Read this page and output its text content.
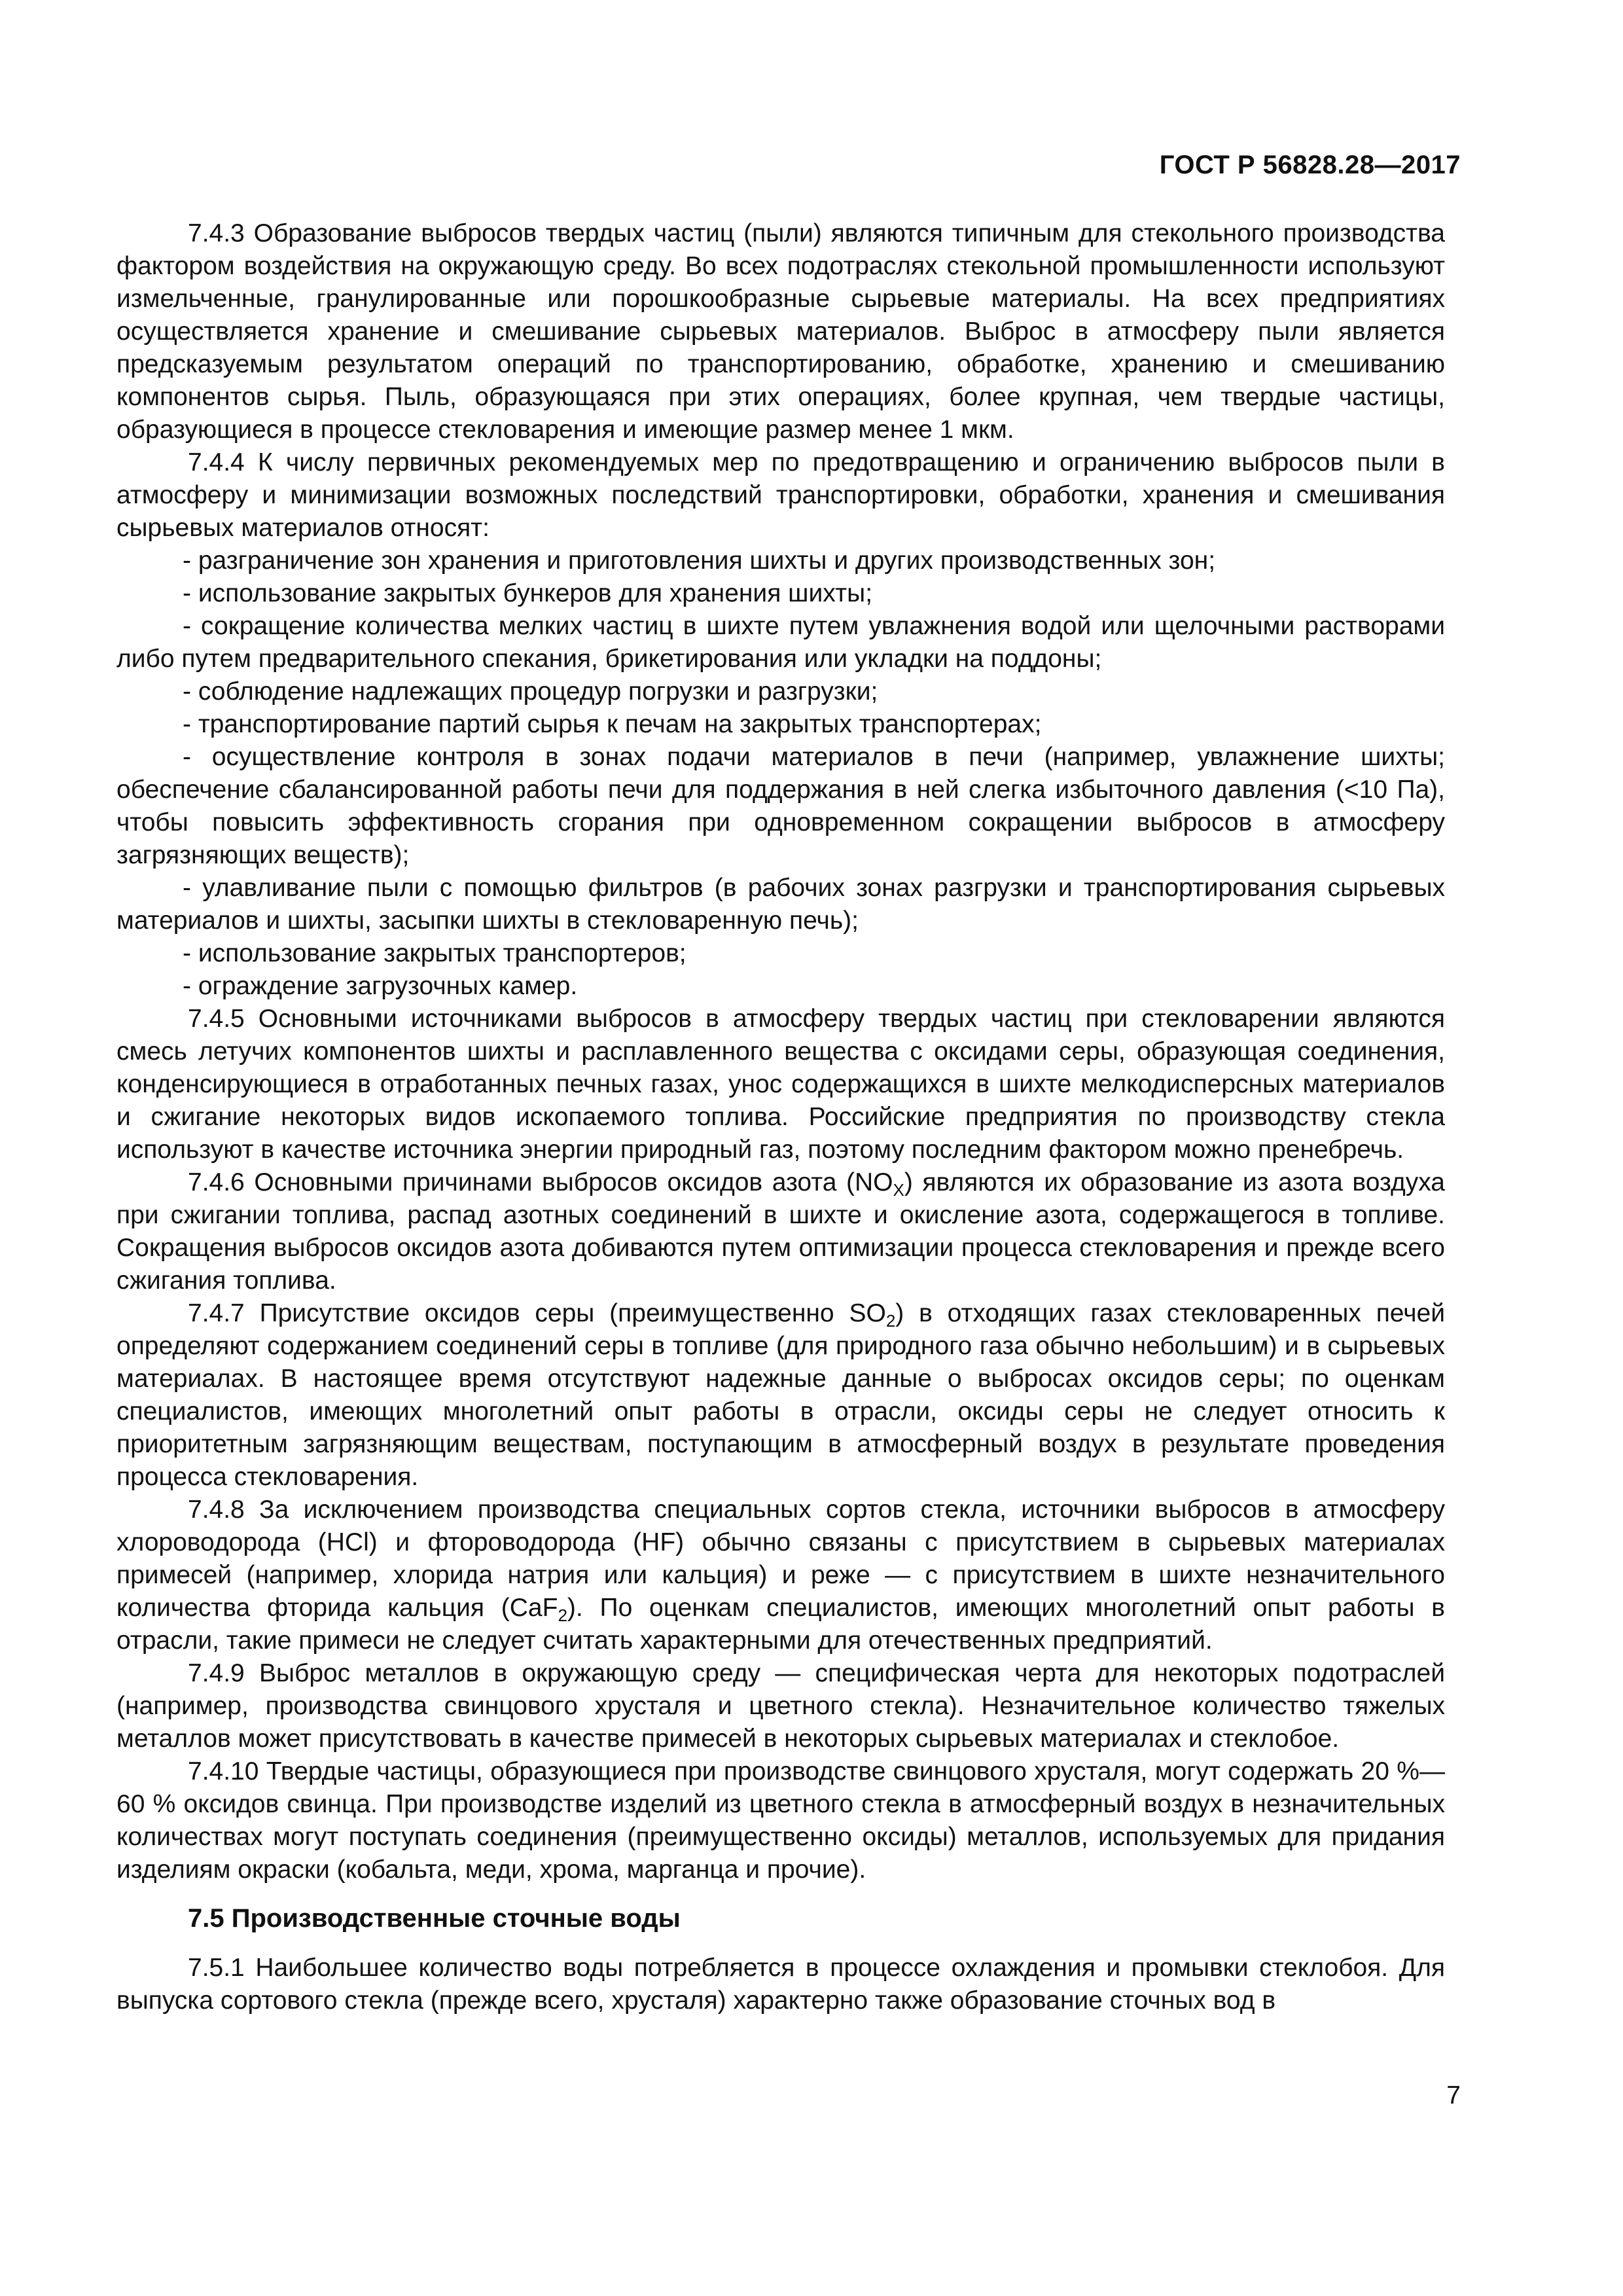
ГОСТ Р 56828.28—2017

7.4.3 Образование выбросов твердых частиц (пыли) являются типичным для стекольного производства фактором воздействия на окружающую среду. Во всех подотраслях стекольной промышленности используют измельченные, гранулированные или порошкообразные сырьевые материалы. На всех предприятиях осуществляется хранение и смешивание сырьевых материалов. Выброс в атмосферу пыли является предсказуемым результатом операций по транспортированию, обработке, хранению и смешиванию компонентов сырья. Пыль, образующаяся при этих операциях, более крупная, чем твердые частицы, образующиеся в процессе стекловарения и имеющие размер менее 1 мкм.

7.4.4 К числу первичных рекомендуемых мер по предотвращению и ограничению выбросов пыли в атмосферу и минимизации возможных последствий транспортировки, обработки, хранения и смешивания сырьевых материалов относят:

- разграничение зон хранения и приготовления шихты и других производственных зон;

- использование закрытых бункеров для хранения шихты;

- сокращение количества мелких частиц в шихте путем увлажнения водой или щелочными растворами либо путем предварительного спекания, брикетирования или укладки на поддоны;

- соблюдение надлежащих процедур погрузки и разгрузки;

- транспортирование партий сырья к печам на закрытых транспортерах;

- осуществление контроля в зонах подачи материалов в печи (например, увлажнение шихты; обеспечение сбалансированной работы печи для поддержания в ней слегка избыточного давления (<10 Па), чтобы повысить эффективность сгорания при одновременном сокращении выбросов в атмосферу загрязняющих веществ);

- улавливание пыли с помощью фильтров (в рабочих зонах разгрузки и транспортирования сырьевых материалов и шихты, засыпки шихты в стекловаренную печь);

- использование закрытых транспортеров;

- ограждение загрузочных камер.

7.4.5 Основными источниками выбросов в атмосферу твердых частиц при стекловарении являются смесь летучих компонентов шихты и расплавленного вещества с оксидами серы, образующая соединения, конденсирующиеся в отработанных печных газах, унос содержащихся в шихте мелкодисперсных материалов и сжигание некоторых видов ископаемого топлива. Российские предприятия по производству стекла используют в качестве источника энергии природный газ, поэтому последним фактором можно пренебречь.

7.4.6 Основными причинами выбросов оксидов азота $(NO_X)$ являются их образование из азота воздуха при сжигании топлива, распад азотных соединений в шихте и окисление азота, содержащегося в топливе. Сокращения выбросов оксидов азота добиваются путем оптимизации процесса стекловарения и прежде всего сжигания топлива.

7.4.7 Присутствие оксидов серы (преимущественно $SO_2$) в отходящих газах стекловаренных печей определяют содержанием соединений серы в топливе (для природного газа обычно небольшим) и в сырьевых материалах. В настоящее время отсутствуют надежные данные о выбросах оксидов серы; по оценкам специалистов, имеющих многолетний опыт работы в отрасли, оксиды серы не следует относить к приоритетным загрязняющим веществам, поступающим в атмосферный воздух в результате проведения процесса стекловарения.

7.4.8 За исключением производства специальных сортов стекла, источники выбросов в атмосферу хлороводорода (HCl) и фтороводорода (HF) обычно связаны с присутствием в сырьевых материалах примесей (например, хлорида натрия или кальция) и реже — с присутствием в шихте незначительного количества фторида кальция (CaF$_2$). По оценкам специалистов, имеющих многолетний опыт работы в отрасли, такие примеси не следует считать характерными для отечественных предприятий.

7.4.9 Выброс металлов в окружающую среду — специфическая черта для некоторых подотраслей (например, производства свинцового хрусталя и цветного стекла). Незначительное количество тяжелых металлов может присутствовать в качестве примесей в некоторых сырьевых материалах и стеклобое.

7.4.10 Твердые частицы, образующиеся при производстве свинцового хрусталя, могут содержать 20 %—60 % оксидов свинца. При производстве изделий из цветного стекла в атмосферный воздух в незначительных количествах могут поступать соединения (преимущественно оксиды) металлов, используемых для придания изделиям окраски (кобальта, меди, хрома, марганца и прочие).

7.5 Производственные сточные воды

7.5.1 Наибольшее количество воды потребляется в процессе охлаждения и промывки стеклобоя. Для выпуска сортового стекла (прежде всего, хрусталя) характерно также образование сточных вод в

7
